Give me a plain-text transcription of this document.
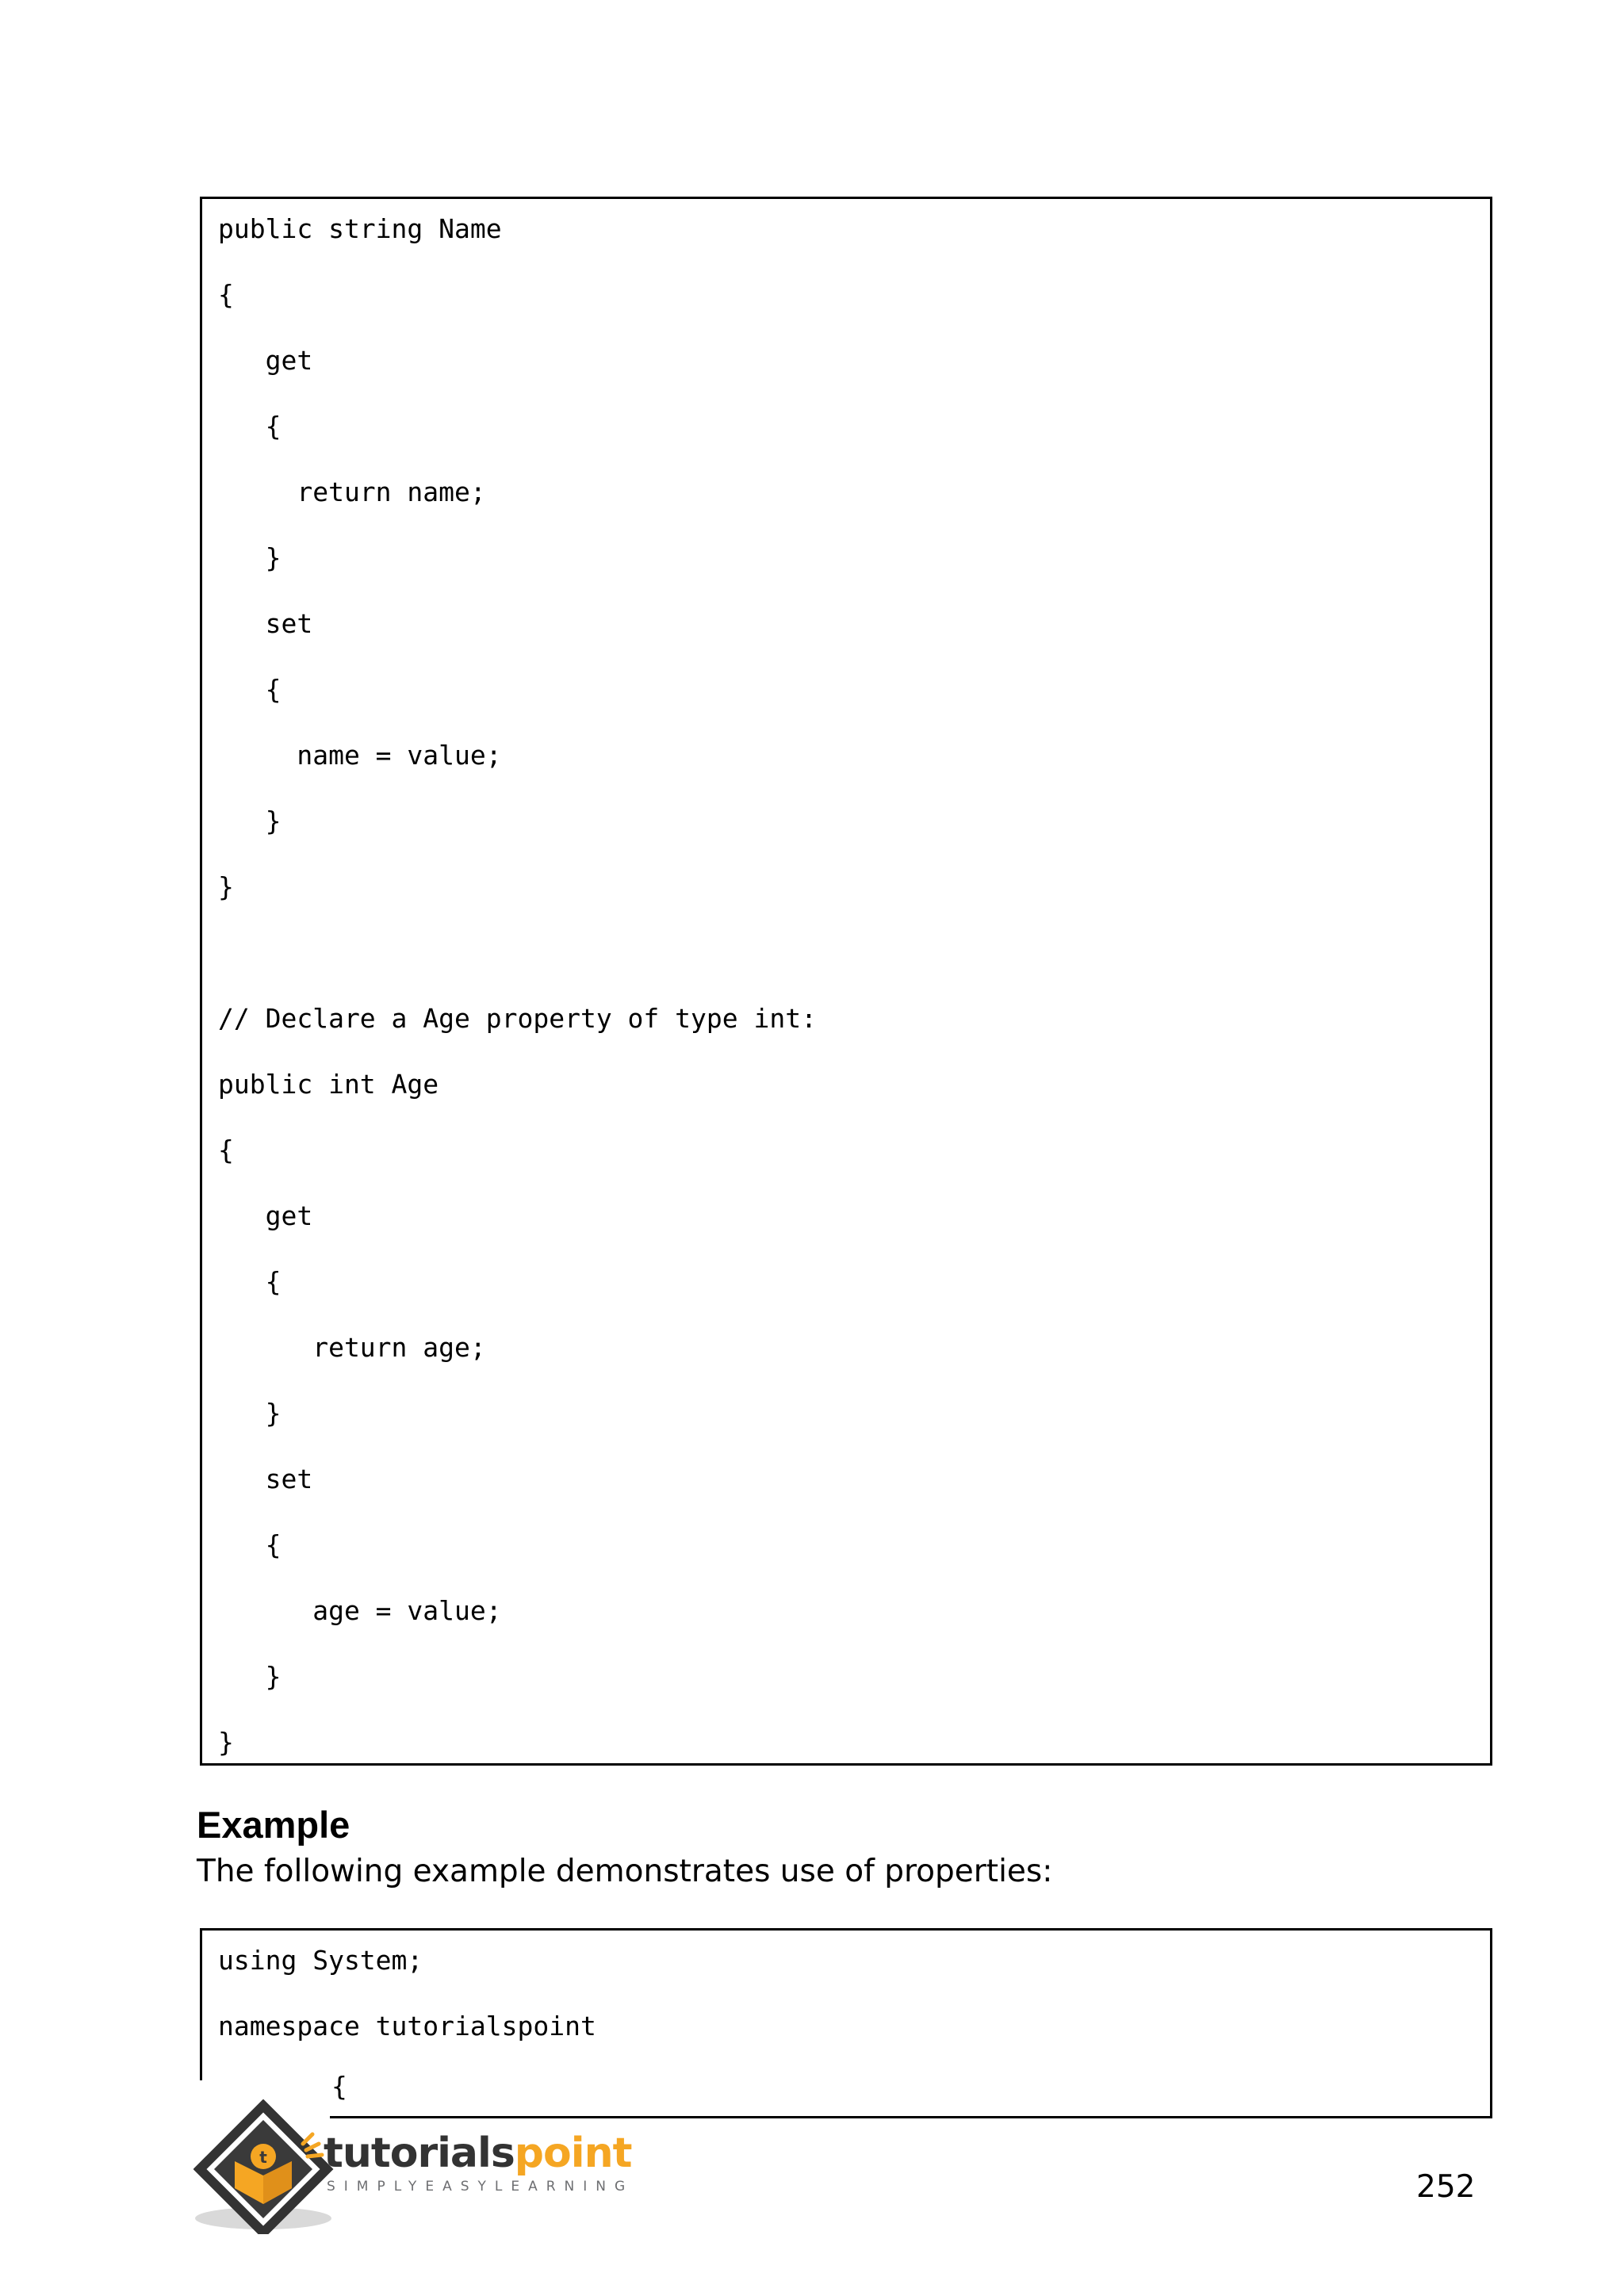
public string Name
{
get
{
return name;
}
set
{
name = value;
}
}
// Declare a Age property of type int:
public int Age
{
get
{
return age;
}
set
{
age = value;
}
}
Example
The following example demonstrates use of properties:
using System;
namespace tutorialspoint
{
t tutorialspoint
SIMPLYEASYLEARNING	252
